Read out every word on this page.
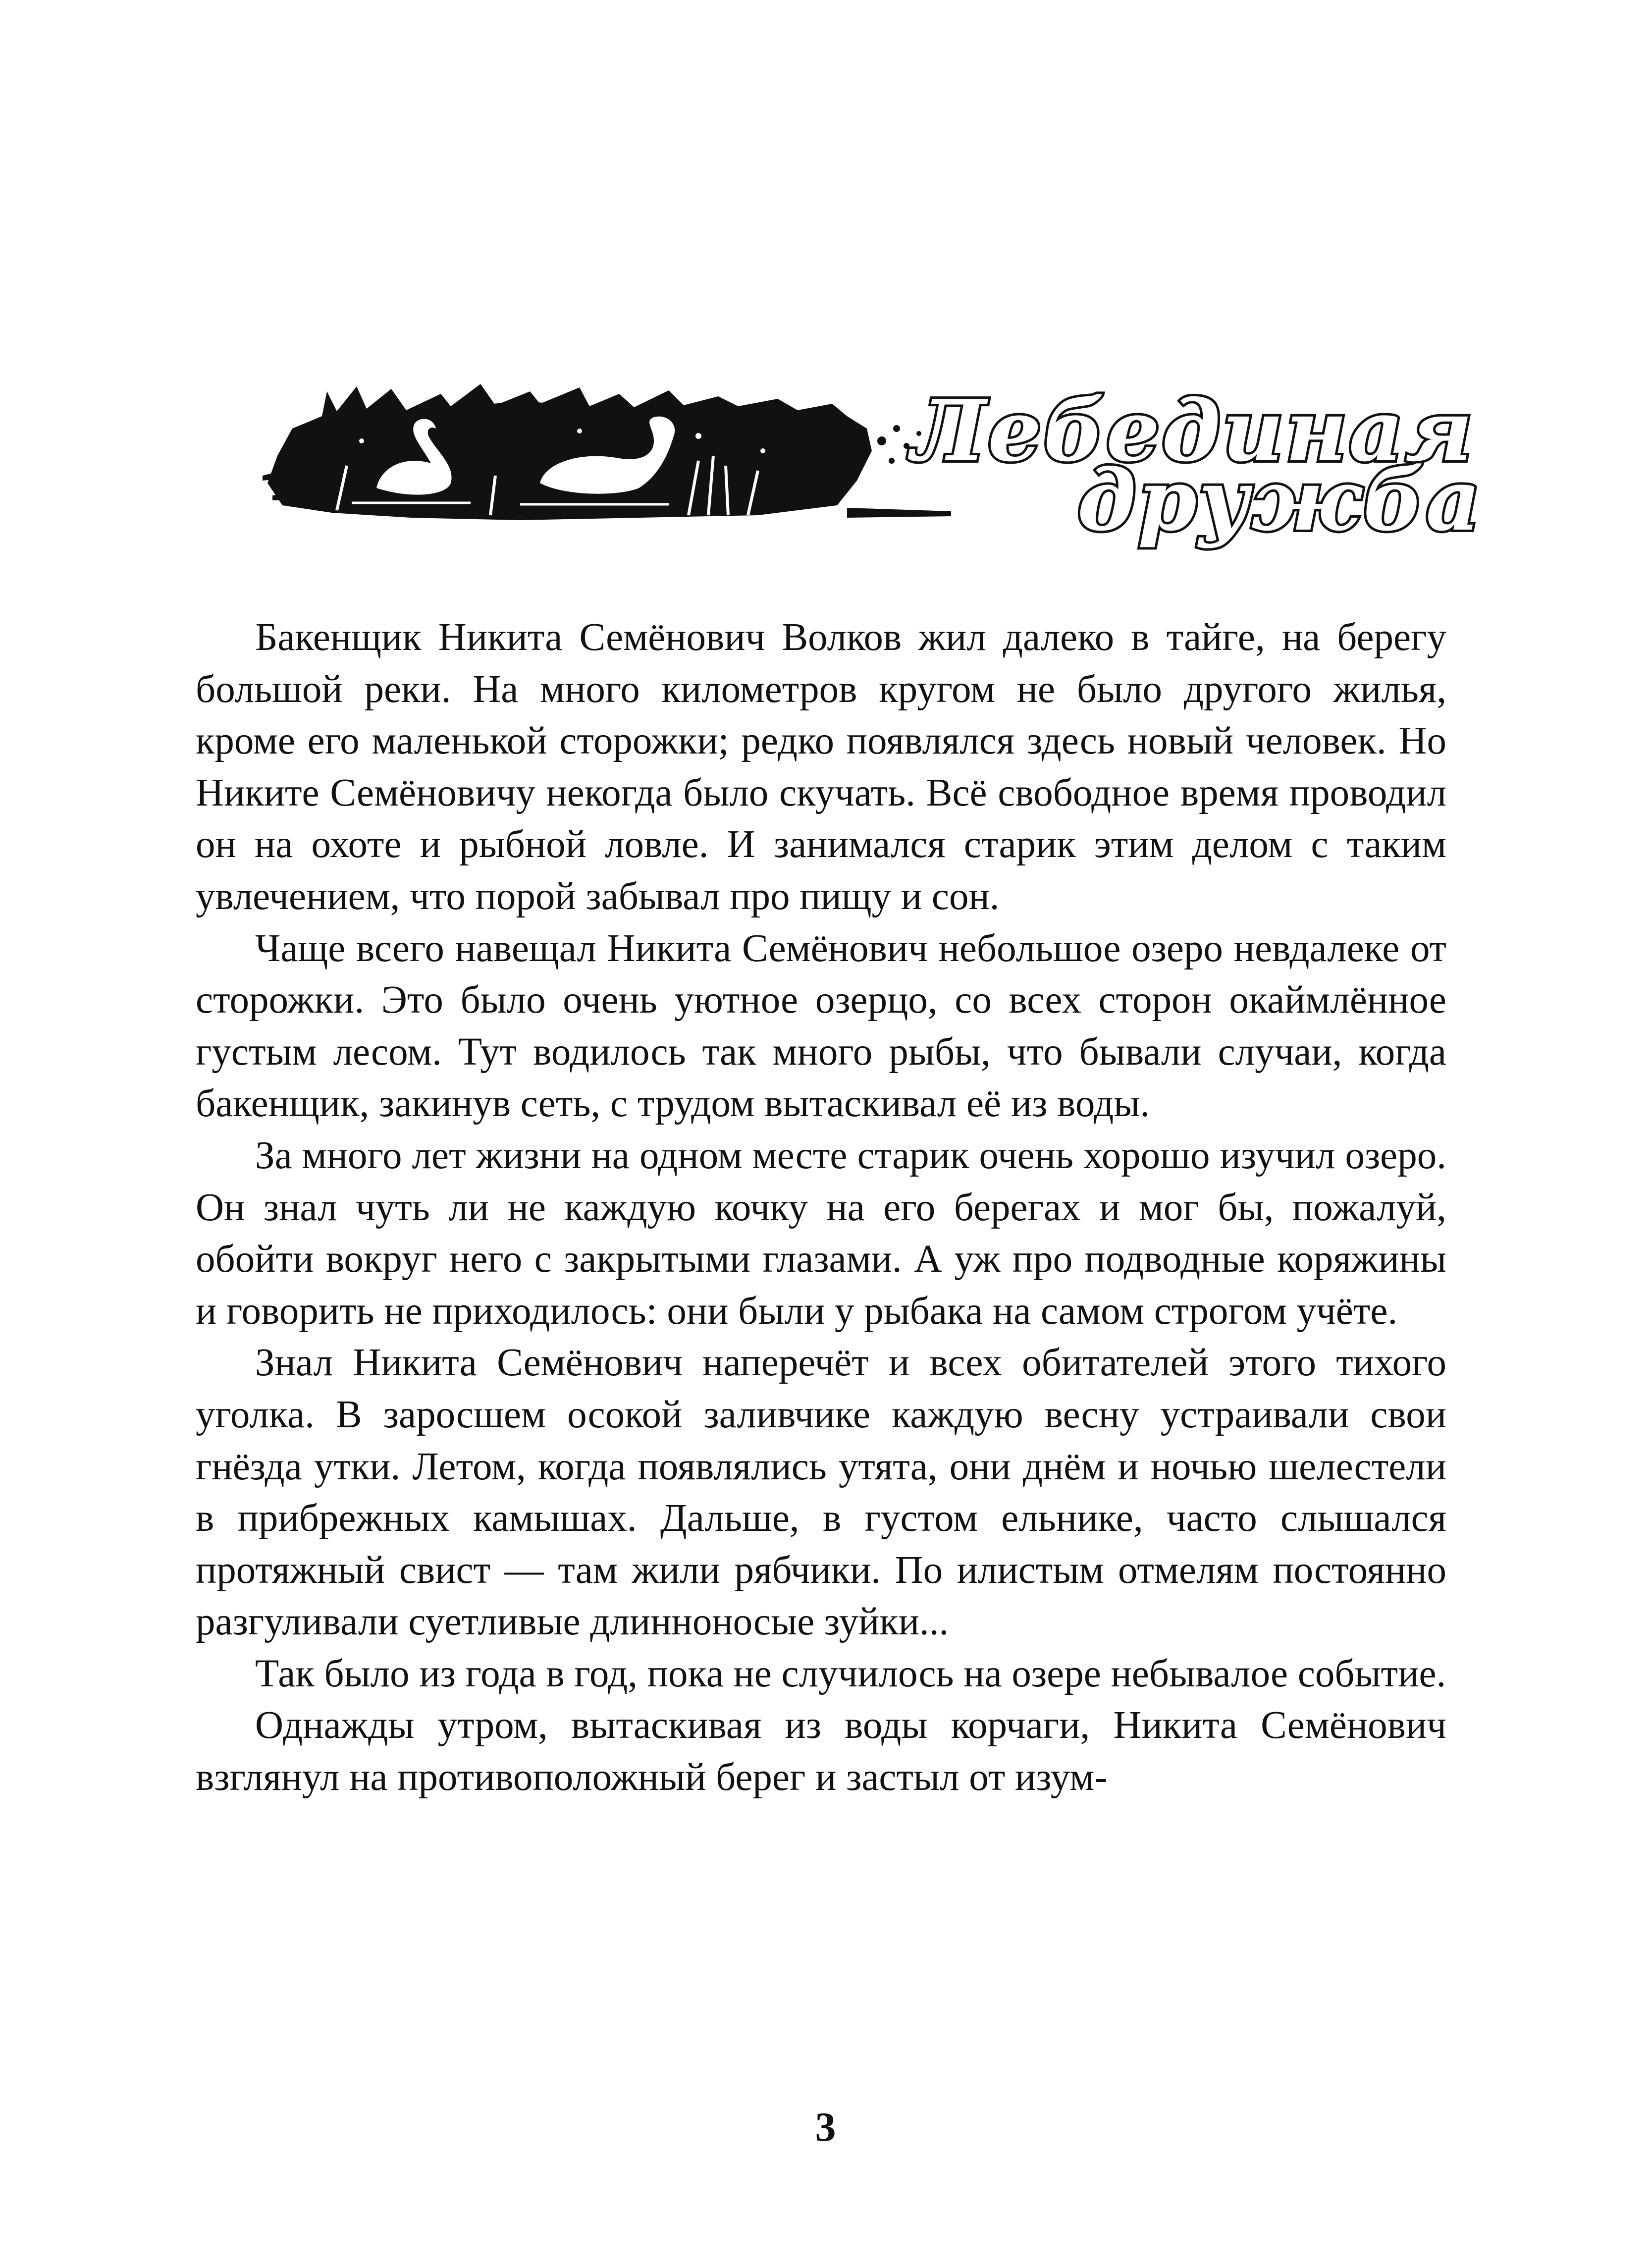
Лебединая
дружба

Бакенщик Никита Семёнович Волков жил далеко в тайге, на берегу большой реки. На много километров кругом не было другого жилья, кроме его маленькой сторожки; редко появлялся здесь новый человек. Но Никите Семёновичу некогда было скучать. Всё свободное время проводил он на охоте и рыбной ловле. И занимался старик этим делом с таким увлечением, что порой забывал про пищу и сон.

Чаще всего навещал Никита Семёнович небольшое озеро невдалеке от сторожки. Это было очень уютное озерцо, со всех сторон окаймлённое густым лесом. Тут водилось так много рыбы, что бывали случаи, когда бакенщик, закинув сеть, с трудом вытаскивал её из воды.

За много лет жизни на одном месте старик очень хорошо изучил озеро. Он знал чуть ли не каждую кочку на его берегах и мог бы, пожалуй, обойти вокруг него с закрытыми глазами. А уж про подводные коряжины и говорить не приходилось: они были у рыбака на самом строгом учёте.

Знал Никита Семёнович наперечёт и всех обитателей этого тихого уголка. В заросшем осокой заливчике каждую весну устраивали свои гнёзда утки. Летом, когда появлялись утята, они днём и ночью шелестели в прибрежных камышах. Дальше, в густом ельнике, часто слышался протяжный свист — там жили рябчики. По илистым отмелям постоянно разгуливали суетливые длинноносые зуйки...

Так было из года в год, пока не случилось на озере небывалое событие.

Однажды утром, вытаскивая из воды корчаги, Никита Семёнович взглянул на противоположный берег и застыл от изум-

3
